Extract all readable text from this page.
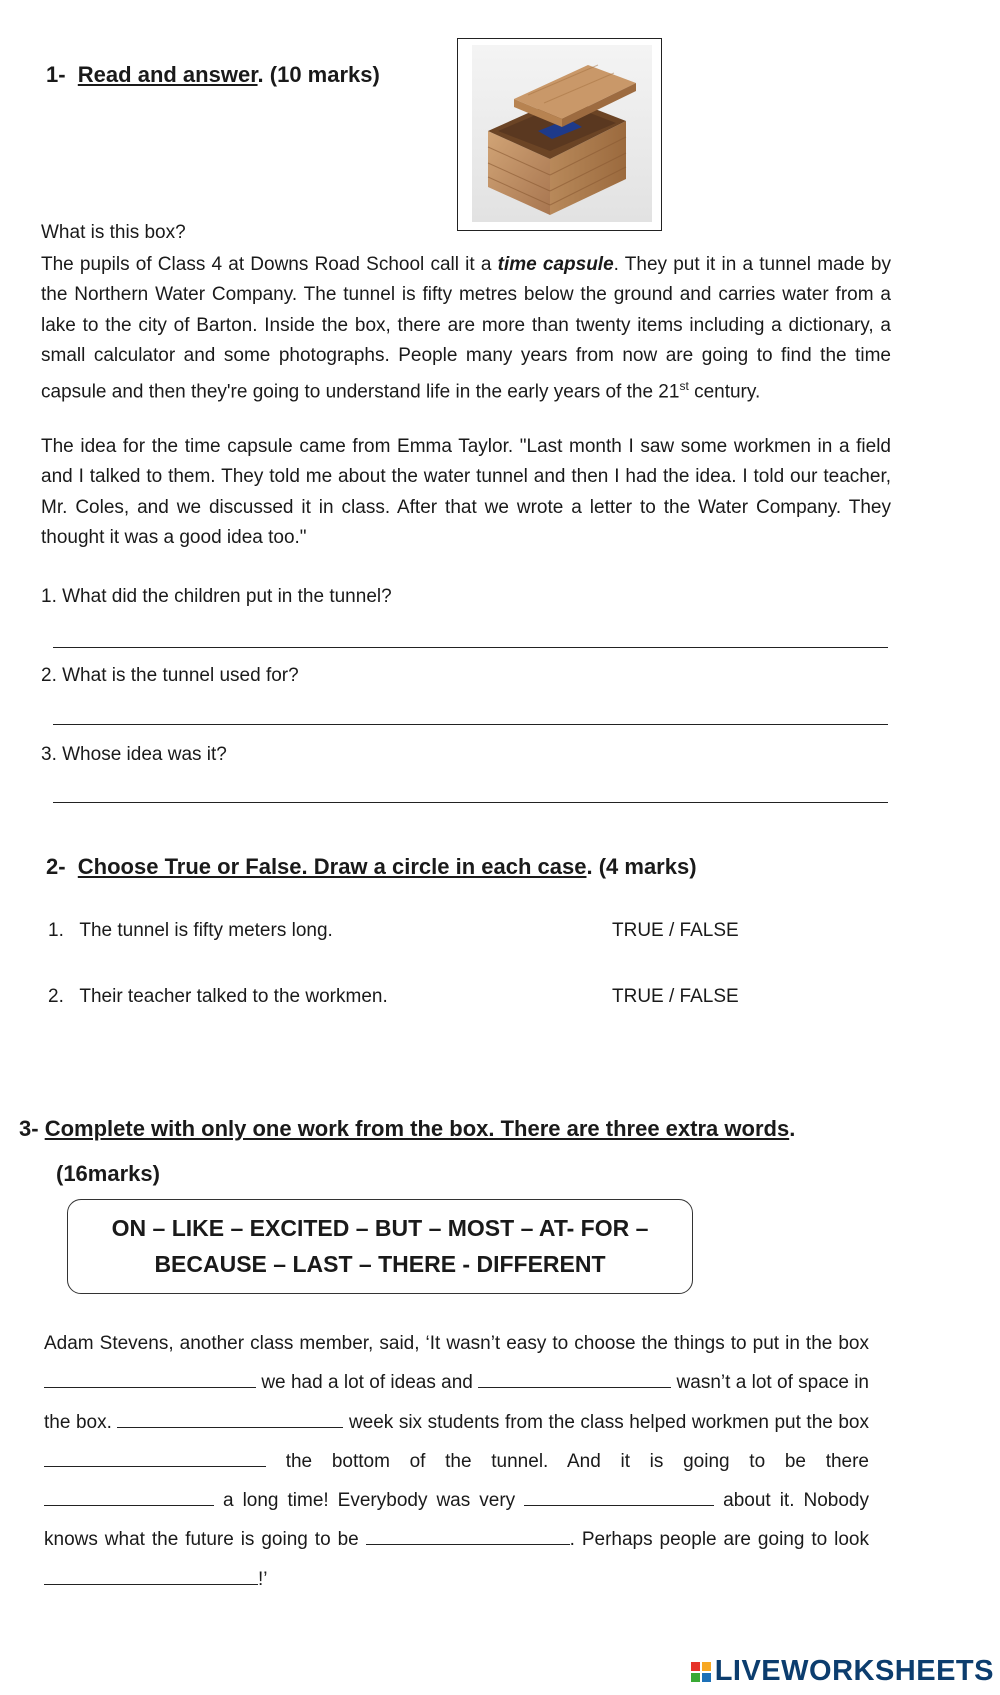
1- Read and answer. (10 marks)
What is this box?
The pupils of Class 4 at Downs Road School call it a time capsule. They put it in a tunnel made by the Northern Water Company. The tunnel is fifty metres below the ground and carries water from a lake to the city of Barton. Inside the box, there are more than twenty items including a dictionary, a small calculator and some photographs. People many years from now are going to find the time capsule and then they're going to understand life in the early years of the 21st century.
The idea for the time capsule came from Emma Taylor. "Last month I saw some workmen in a field and I talked to them. They told me about the water tunnel and then I had the idea. I told our teacher, Mr. Coles, and we discussed it in class. After that we wrote a letter to the Water Company. They thought it was a good idea too."
1. What did the children put in the tunnel?
2. What is the tunnel used for?
3. Whose idea was it?
2- Choose True or False. Draw a circle in each case. (4 marks)
1. The tunnel is fifty meters long.	TRUE / FALSE
2. Their teacher talked to the workmen.	TRUE / FALSE
3- Complete with only one work from the box. There are three extra words.
(16marks)
ON – LIKE – EXCITED – BUT – MOST – AT- FOR –
BECAUSE – LAST – THERE - DIFFERENT
Adam Stevens, another class member, said, ‘It wasn’t easy to choose the things to put in the box  we had a lot of ideas and	wasn’t a lot of space in the box.	week six students from the class helped workmen put the box  the bottom of the tunnel. And it is going to be there  a long time! Everybody was very	about it. Nobody knows what the future is going to be	. Perhaps people are going to look !’
LIVEWORKSHEETS
